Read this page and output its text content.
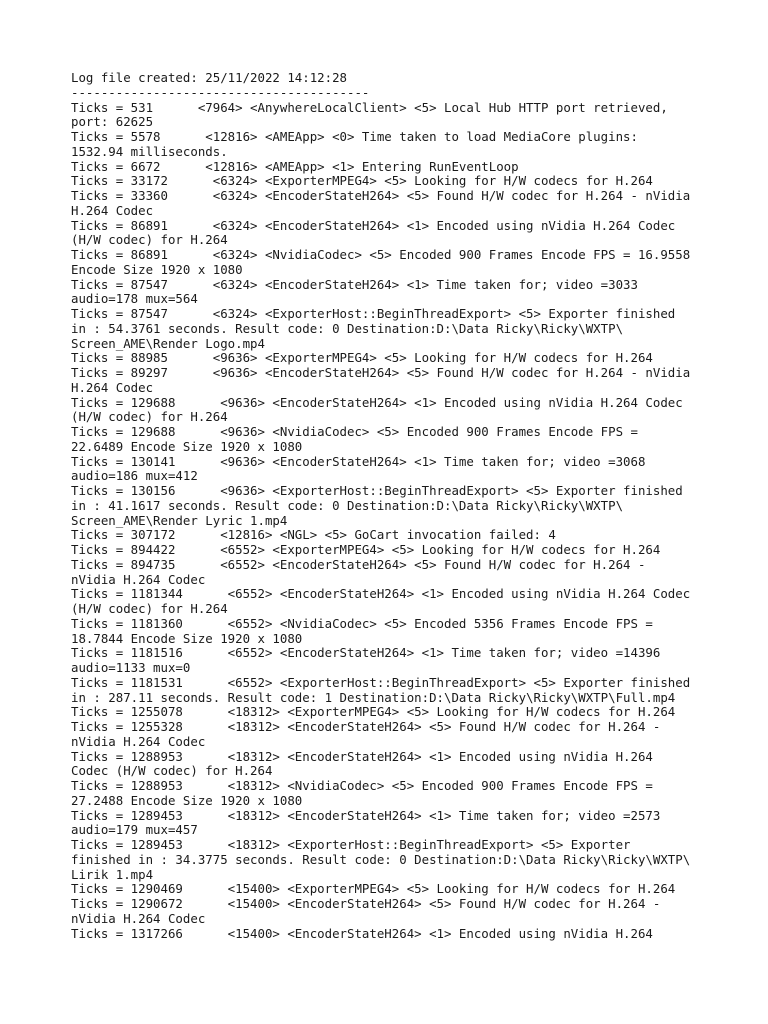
Log file created: 25/11/2022 14:12:28
----------------------------------------
Ticks = 531      <7964> <AnywhereLocalClient> <5> Local Hub HTTP port retrieved,
port: 62625
Ticks = 5578      <12816> <AMEApp> <0> Time taken to load MediaCore plugins:
1532.94 milliseconds.
Ticks = 6672      <12816> <AMEApp> <1> Entering RunEventLoop
Ticks = 33172      <6324> <ExporterMPEG4> <5> Looking for H/W codecs for H.264
Ticks = 33360      <6324> <EncoderStateH264> <5> Found H/W codec for H.264 - nVidia
H.264 Codec
Ticks = 86891      <6324> <EncoderStateH264> <1> Encoded using nVidia H.264 Codec
(H/W codec) for H.264
Ticks = 86891      <6324> <NvidiaCodec> <5> Encoded 900 Frames Encode FPS = 16.9558
Encode Size 1920 x 1080
Ticks = 87547      <6324> <EncoderStateH264> <1> Time taken for; video =3033
audio=178 mux=564
Ticks = 87547      <6324> <ExporterHost::BeginThreadExport> <5> Exporter finished
in : 54.3761 seconds. Result code: 0 Destination:D:\Data Ricky\Ricky\WXTP\
Screen_AME\Render Logo.mp4
Ticks = 88985      <9636> <ExporterMPEG4> <5> Looking for H/W codecs for H.264
Ticks = 89297      <9636> <EncoderStateH264> <5> Found H/W codec for H.264 - nVidia
H.264 Codec
Ticks = 129688      <9636> <EncoderStateH264> <1> Encoded using nVidia H.264 Codec
(H/W codec) for H.264
Ticks = 129688      <9636> <NvidiaCodec> <5> Encoded 900 Frames Encode FPS =
22.6489 Encode Size 1920 x 1080
Ticks = 130141      <9636> <EncoderStateH264> <1> Time taken for; video =3068
audio=186 mux=412
Ticks = 130156      <9636> <ExporterHost::BeginThreadExport> <5> Exporter finished
in : 41.1617 seconds. Result code: 0 Destination:D:\Data Ricky\Ricky\WXTP\
Screen_AME\Render Lyric 1.mp4
Ticks = 307172      <12816> <NGL> <5> GoCart invocation failed: 4
Ticks = 894422      <6552> <ExporterMPEG4> <5> Looking for H/W codecs for H.264
Ticks = 894735      <6552> <EncoderStateH264> <5> Found H/W codec for H.264 -
nVidia H.264 Codec
Ticks = 1181344      <6552> <EncoderStateH264> <1> Encoded using nVidia H.264 Codec
(H/W codec) for H.264
Ticks = 1181360      <6552> <NvidiaCodec> <5> Encoded 5356 Frames Encode FPS =
18.7844 Encode Size 1920 x 1080
Ticks = 1181516      <6552> <EncoderStateH264> <1> Time taken for; video =14396
audio=1133 mux=0
Ticks = 1181531      <6552> <ExporterHost::BeginThreadExport> <5> Exporter finished
in : 287.11 seconds. Result code: 1 Destination:D:\Data Ricky\Ricky\WXTP\Full.mp4
Ticks = 1255078      <18312> <ExporterMPEG4> <5> Looking for H/W codecs for H.264
Ticks = 1255328      <18312> <EncoderStateH264> <5> Found H/W codec for H.264 -
nVidia H.264 Codec
Ticks = 1288953      <18312> <EncoderStateH264> <1> Encoded using nVidia H.264
Codec (H/W codec) for H.264
Ticks = 1288953      <18312> <NvidiaCodec> <5> Encoded 900 Frames Encode FPS =
27.2488 Encode Size 1920 x 1080
Ticks = 1289453      <18312> <EncoderStateH264> <1> Time taken for; video =2573
audio=179 mux=457
Ticks = 1289453      <18312> <ExporterHost::BeginThreadExport> <5> Exporter
finished in : 34.3775 seconds. Result code: 0 Destination:D:\Data Ricky\Ricky\WXTP\
Lirik 1.mp4
Ticks = 1290469      <15400> <ExporterMPEG4> <5> Looking for H/W codecs for H.264
Ticks = 1290672      <15400> <EncoderStateH264> <5> Found H/W codec for H.264 -
nVidia H.264 Codec
Ticks = 1317266      <15400> <EncoderStateH264> <1> Encoded using nVidia H.264
